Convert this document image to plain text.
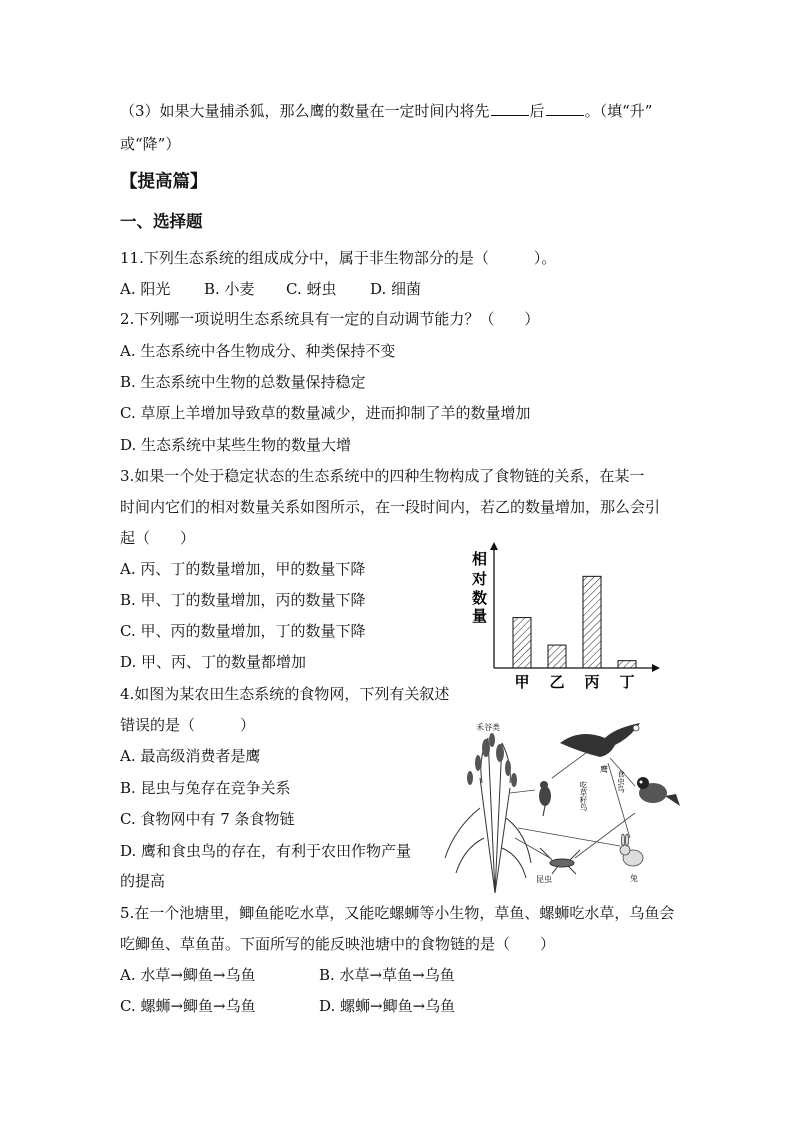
（3）如果大量捕杀狐，那么鹰的数量在一定时间内将先	后	。（填“升”
或“降”）
【提高篇】
一、选择题
11.下列生态系统的组成成分中，属于非生物部分的是（　　　）。
A. 阳光 B. 小麦 C. 蚜虫 D. 细菌
2.下列哪一项说明生态系统具有一定的自动调节能力？（　　）
A. 生态系统中各生物成分、种类保持不变
B. 生态系统中生物的总数量保持稳定
C. 草原上羊增加导致草的数量减少，进而抑制了羊的数量增加
D. 生态系统中某些生物的数量大增
3.如果一个处于稳定状态的生态系统中的四种生物构成了食物链的关系，在某一
时间内它们的相对数量关系如图所示，在一段时间内，若乙的数量增加，那么会引
起（　　）
A. 丙、丁的数量增加，甲的数量下降
B. 甲、丁的数量增加，丙的数量下降
C. 甲、丙的数量增加，丁的数量下降
D. 甲、丙、丁的数量都增加
相
对
数
量
甲 乙 丙 丁
4.如图为某农田生态系统的食物网，下列有关叙述
错误的是（　　　）
A. 最高级消费者是鹰
B. 昆虫与兔存在竞争关系
C. 食物网中有 7 条食物链
D. 鹰和食虫鸟的存在，有利于农田作物产量
的提高
禾谷类
鹰
吃草籽鸟	食虫鸟
昆虫	兔
5.在一个池塘里，鲫鱼能吃水草，又能吃螺蛳等小生物，草鱼、螺蛳吃水草，乌鱼会
吃鲫鱼、草鱼苗。下面所写的能反映池塘中的食物链的是（　　）
A. 水草→鲫鱼→乌鱼	B. 水草→草鱼→乌鱼
C. 螺蛳→鲫鱼→乌鱼	D. 螺蛳→鲫鱼→乌鱼
